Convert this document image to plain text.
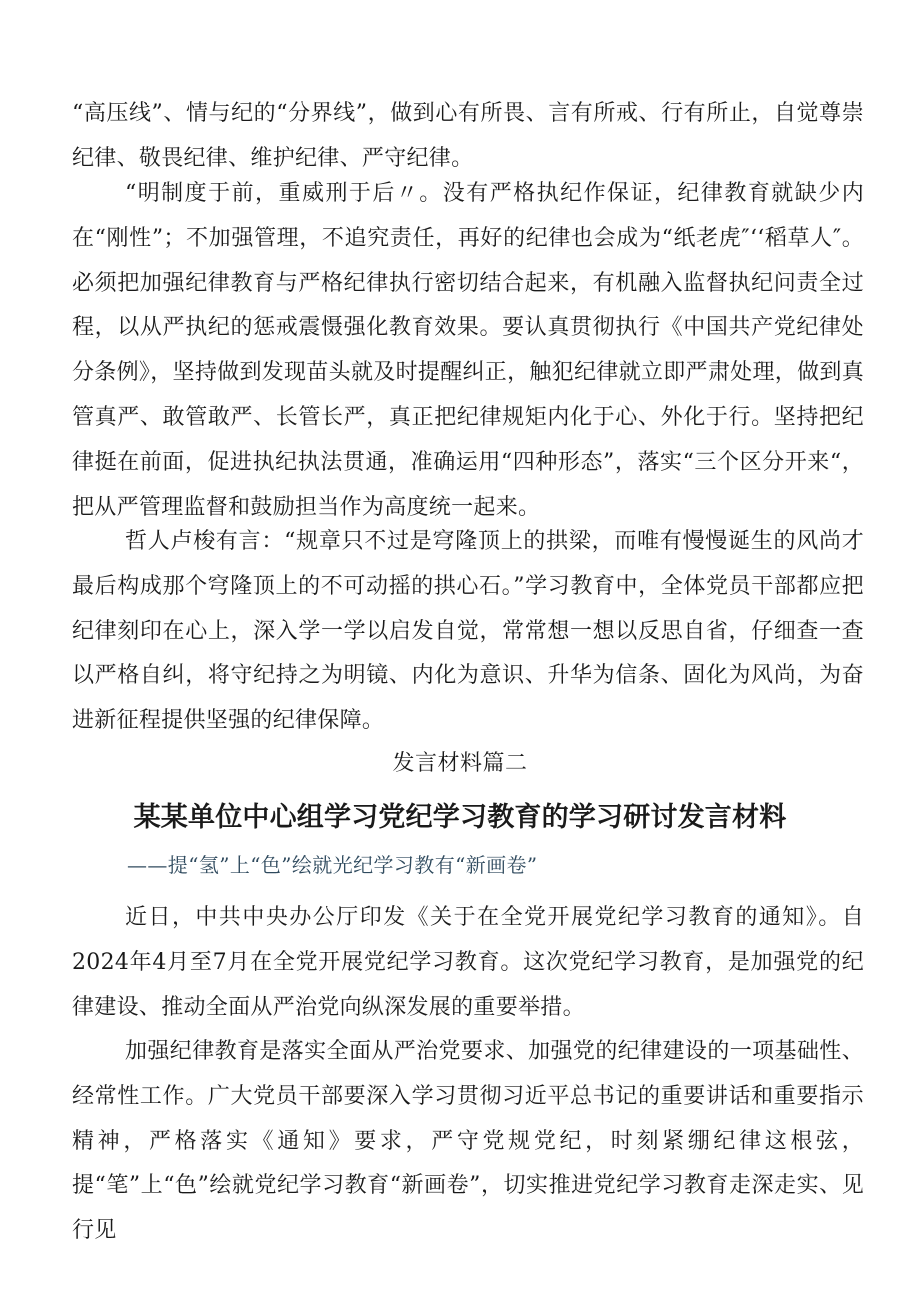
“高压线”、情与纪的“分界线”，做到心有所畏、言有所戒、行有所止，自觉尊崇纪律、敬畏纪律、维护纪律、严守纪律。

“明制度于前，重威刑于后〃。没有严格执纪作保证，纪律教育就缺少内在“刚性”；不加强管理，不追究责任，再好的纪律也会成为“纸老虎″‘‘稻草人″。必须把加强纪律教育与严格纪律执行密切结合起来，有机融入监督执纪问责全过程，以从严执纪的惩戒震慑强化教育效果。要认真贯彻执行《中国共产党纪律处分条例》，坚持做到发现苗头就及时提醒纠正，触犯纪律就立即严肃处理，做到真管真严、敢管敢严、长管长严，真正把纪律规矩内化于心、外化于行。坚持把纪律挺在前面，促进执纪执法贯通，准确运用“四种形态”，落实“三个区分开来“，把从严管理监督和鼓励担当作为高度统一起来。

哲人卢梭有言：“规章只不过是穹隆顶上的拱梁，而唯有慢慢诞生的风尚才最后构成那个穹隆顶上的不可动摇的拱心石。”学习教育中，全体党员干部都应把纪律刻印在心上，深入学一学以启发自觉，常常想一想以反思自省，仔细查一查以严格自纠，将守纪持之为明镜、内化为意识、升华为信条、固化为风尚，为奋进新征程提供坚强的纪律保障。

发言材料篇二
某某单位中心组学习党纪学习教育的学习研讨发言材料
——提“氢”上“色”绘就光纪学习教有“新画卷”

近日，中共中央办公厅印发《关于在全党开展党纪学习教育的通知》。自2024年4月至7月在全党开展党纪学习教育。这次党纪学习教育，是加强党的纪律建设、推动全面从严治党向纵深发展的重要举措。

加强纪律教育是落实全面从严治党要求、加强党的纪律建设的一项基础性、经常性工作。广大党员干部要深入学习贯彻习近平总书记的重要讲话和重要指示精神，严格落实《通知》要求，严守党规党纪，时刻紧绷纪律这根弦，提“笔”上“色”绘就党纪学习教育“新画卷”，切实推进党纪学习教育走深走实、见行见
